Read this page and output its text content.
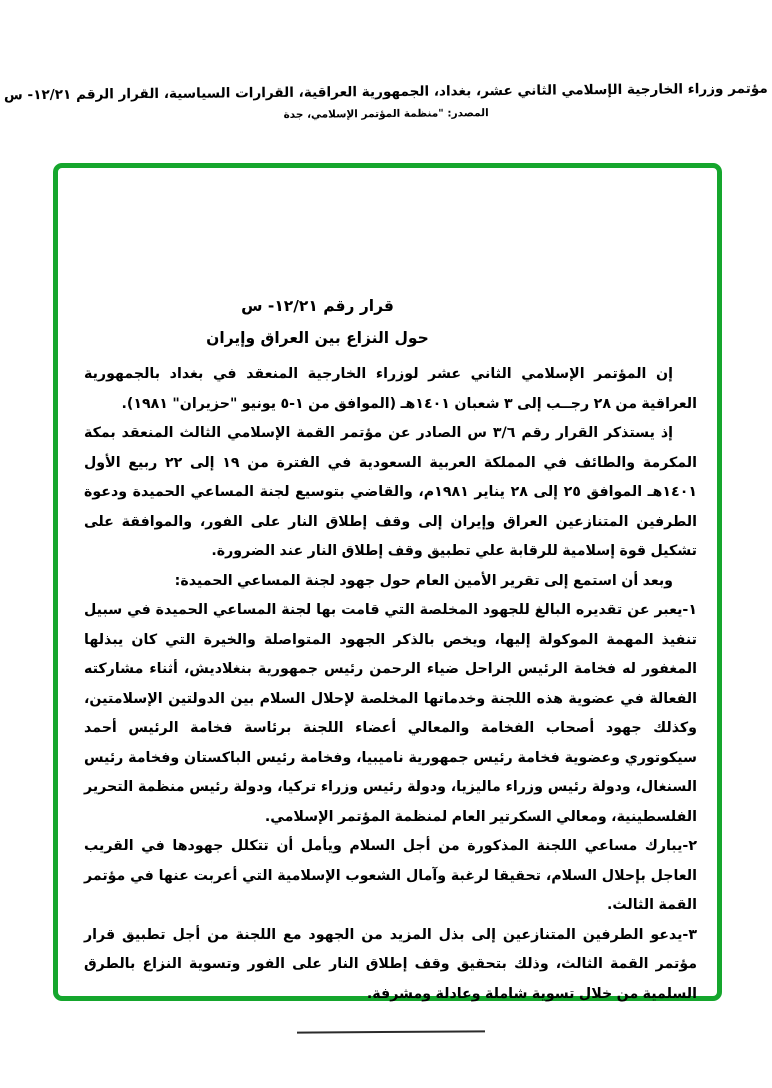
مؤتمر وزراء الخارجية الإسلامي الثاني عشر، بغداد، الجمهورية العراقية، القرارات السياسية، القرار الرقم ١٢/٢١- س
المصدر: "منظمة المؤتمر الإسلامي، جدة
قرار رقم ١٢/٢١- س
حول النزاع بين العراق وإيران

إن المؤتمر الإسلامي الثاني عشر لوزراء الخارجية المنعقد في بغداد بالجمهورية العراقية من ٢٨ رجــب إلى ٣ شعبان ١٤٠١هـ (الموافق من ١-٥ يونيو "حزيران" ١٩٨١).

إذ يستذكر القرار رقم ٣/٦ س الصادر عن مؤتمر القمة الإسلامي الثالث المنعقد بمكة المكرمة والطائف في المملكة العربية السعودية في الفترة من ١٩ إلى ٢٢ ربيع الأول ١٤٠١هـ الموافق ٢٥ إلى ٢٨ يناير ١٩٨١م، والقاضي بتوسيع لجنة المساعي الحميدة ودعوة الطرفين المتنازعين العراق وإيران إلى وقف إطلاق النار على الفور، والموافقة على تشكيل قوة إسلامية للرقابة علي تطبيق وقف إطلاق النار عند الضرورة.

وبعد أن استمع إلى تقرير الأمين العام حول جهود لجنة المساعي الحميدة:

١-يعبر عن تقديره البالغ للجهود المخلصة التي قامت بها لجنة المساعي الحميدة في سبيل تنفيذ المهمة الموكولة إليها، ويخص بالذكر الجهود المتواصلة والخيرة التي كان يبذلها المغفور له فخامة الرئيس الراحل ضياء الرحمن رئيس جمهورية بنغلاديش، أثناء مشاركته الفعالة في عضوية هذه اللجنة وخدماتها المخلصة لإحلال السلام بين الدولتين الإسلامتين، وكذلك جهود أصحاب الفخامة والمعالي أعضاء اللجنة برئاسة فخامة الرئيس أحمد سيكوتوري وعضوية فخامة رئيس جمهورية ناميبيا، وفخامة رئيس الباكستان وفخامة رئيس السنغال، ودولة رئيس وزراء ماليزيا، ودولة رئيس وزراء تركيا، ودولة رئيس منظمة التحرير الفلسطينية، ومعالي السكرتير العام لمنظمة المؤتمر الإسلامي.

٢-يبارك مساعي اللجنة المذكورة من أجل السلام ويأمل أن تتكلل جهودها في القريب العاجل بإحلال السلام، تحقيقا لرغبة وآمال الشعوب الإسلامية التي أعربت عنها في مؤتمر القمة الثالث.

٣-يدعو الطرفين المتنازعين إلى بذل المزيد من الجهود مع اللجنة من أجل تطبيق قرار مؤتمر القمة الثالث، وذلك بتحقيق وقف إطلاق النار على الفور وتسوية النزاع بالطرق السلمية من خلال تسوية شاملة وعادلة ومشرفة.
